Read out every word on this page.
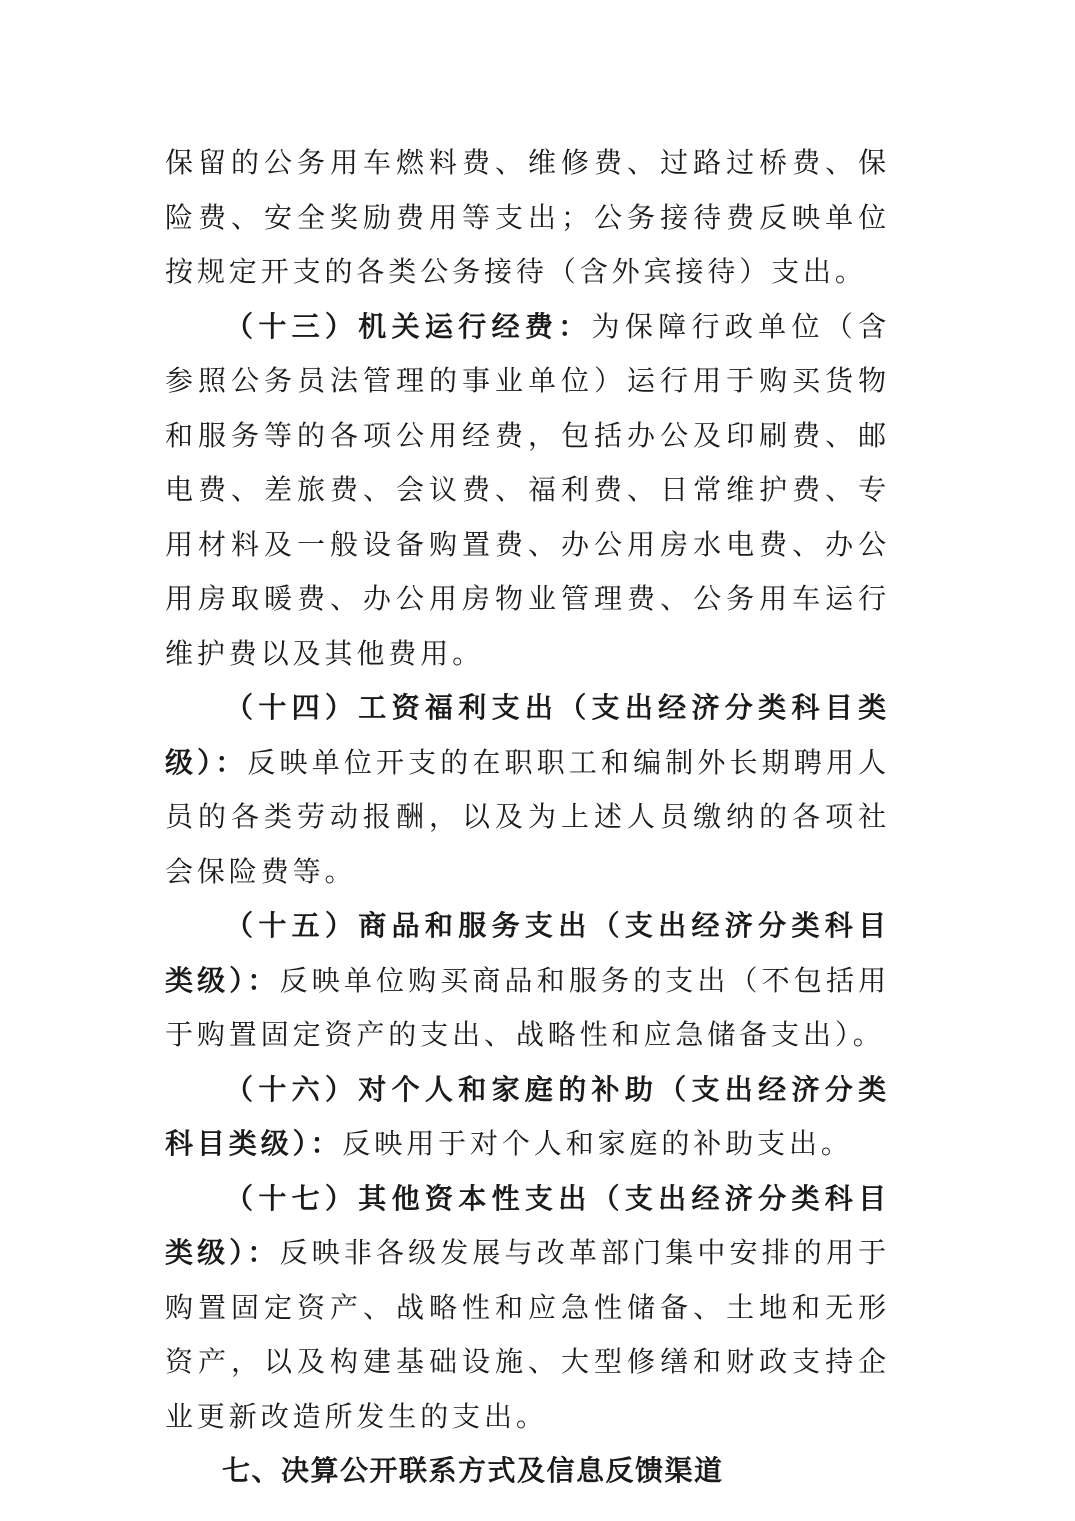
保留的公务用车燃料费、维修费、过路过桥费、保险费、安全奖励费用等支出；公务接待费反映单位按规定开支的各类公务接待（含外宾接待）支出。

（十三）机关运行经费：为保障行政单位（含参照公务员法管理的事业单位）运行用于购买货物和服务等的各项公用经费，包括办公及印刷费、邮电费、差旅费、会议费、福利费、日常维护费、专用材料及一般设备购置费、办公用房水电费、办公用房取暖费、办公用房物业管理费、公务用车运行维护费以及其他费用。

（十四）工资福利支出（支出经济分类科目类级）：反映单位开支的在职职工和编制外长期聘用人员的各类劳动报酬，以及为上述人员缴纳的各项社会保险费等。

（十五）商品和服务支出（支出经济分类科目类级）：反映单位购买商品和服务的支出（不包括用于购置固定资产的支出、战略性和应急储备支出）。

（十六）对个人和家庭的补助（支出经济分类科目类级）：反映用于对个人和家庭的补助支出。

（十七）其他资本性支出（支出经济分类科目类级）：反映非各级发展与改革部门集中安排的用于购置固定资产、战略性和应急性储备、土地和无形资产，以及构建基础设施、大型修缮和财政支持企业更新改造所发生的支出。

七、决算公开联系方式及信息反馈渠道
